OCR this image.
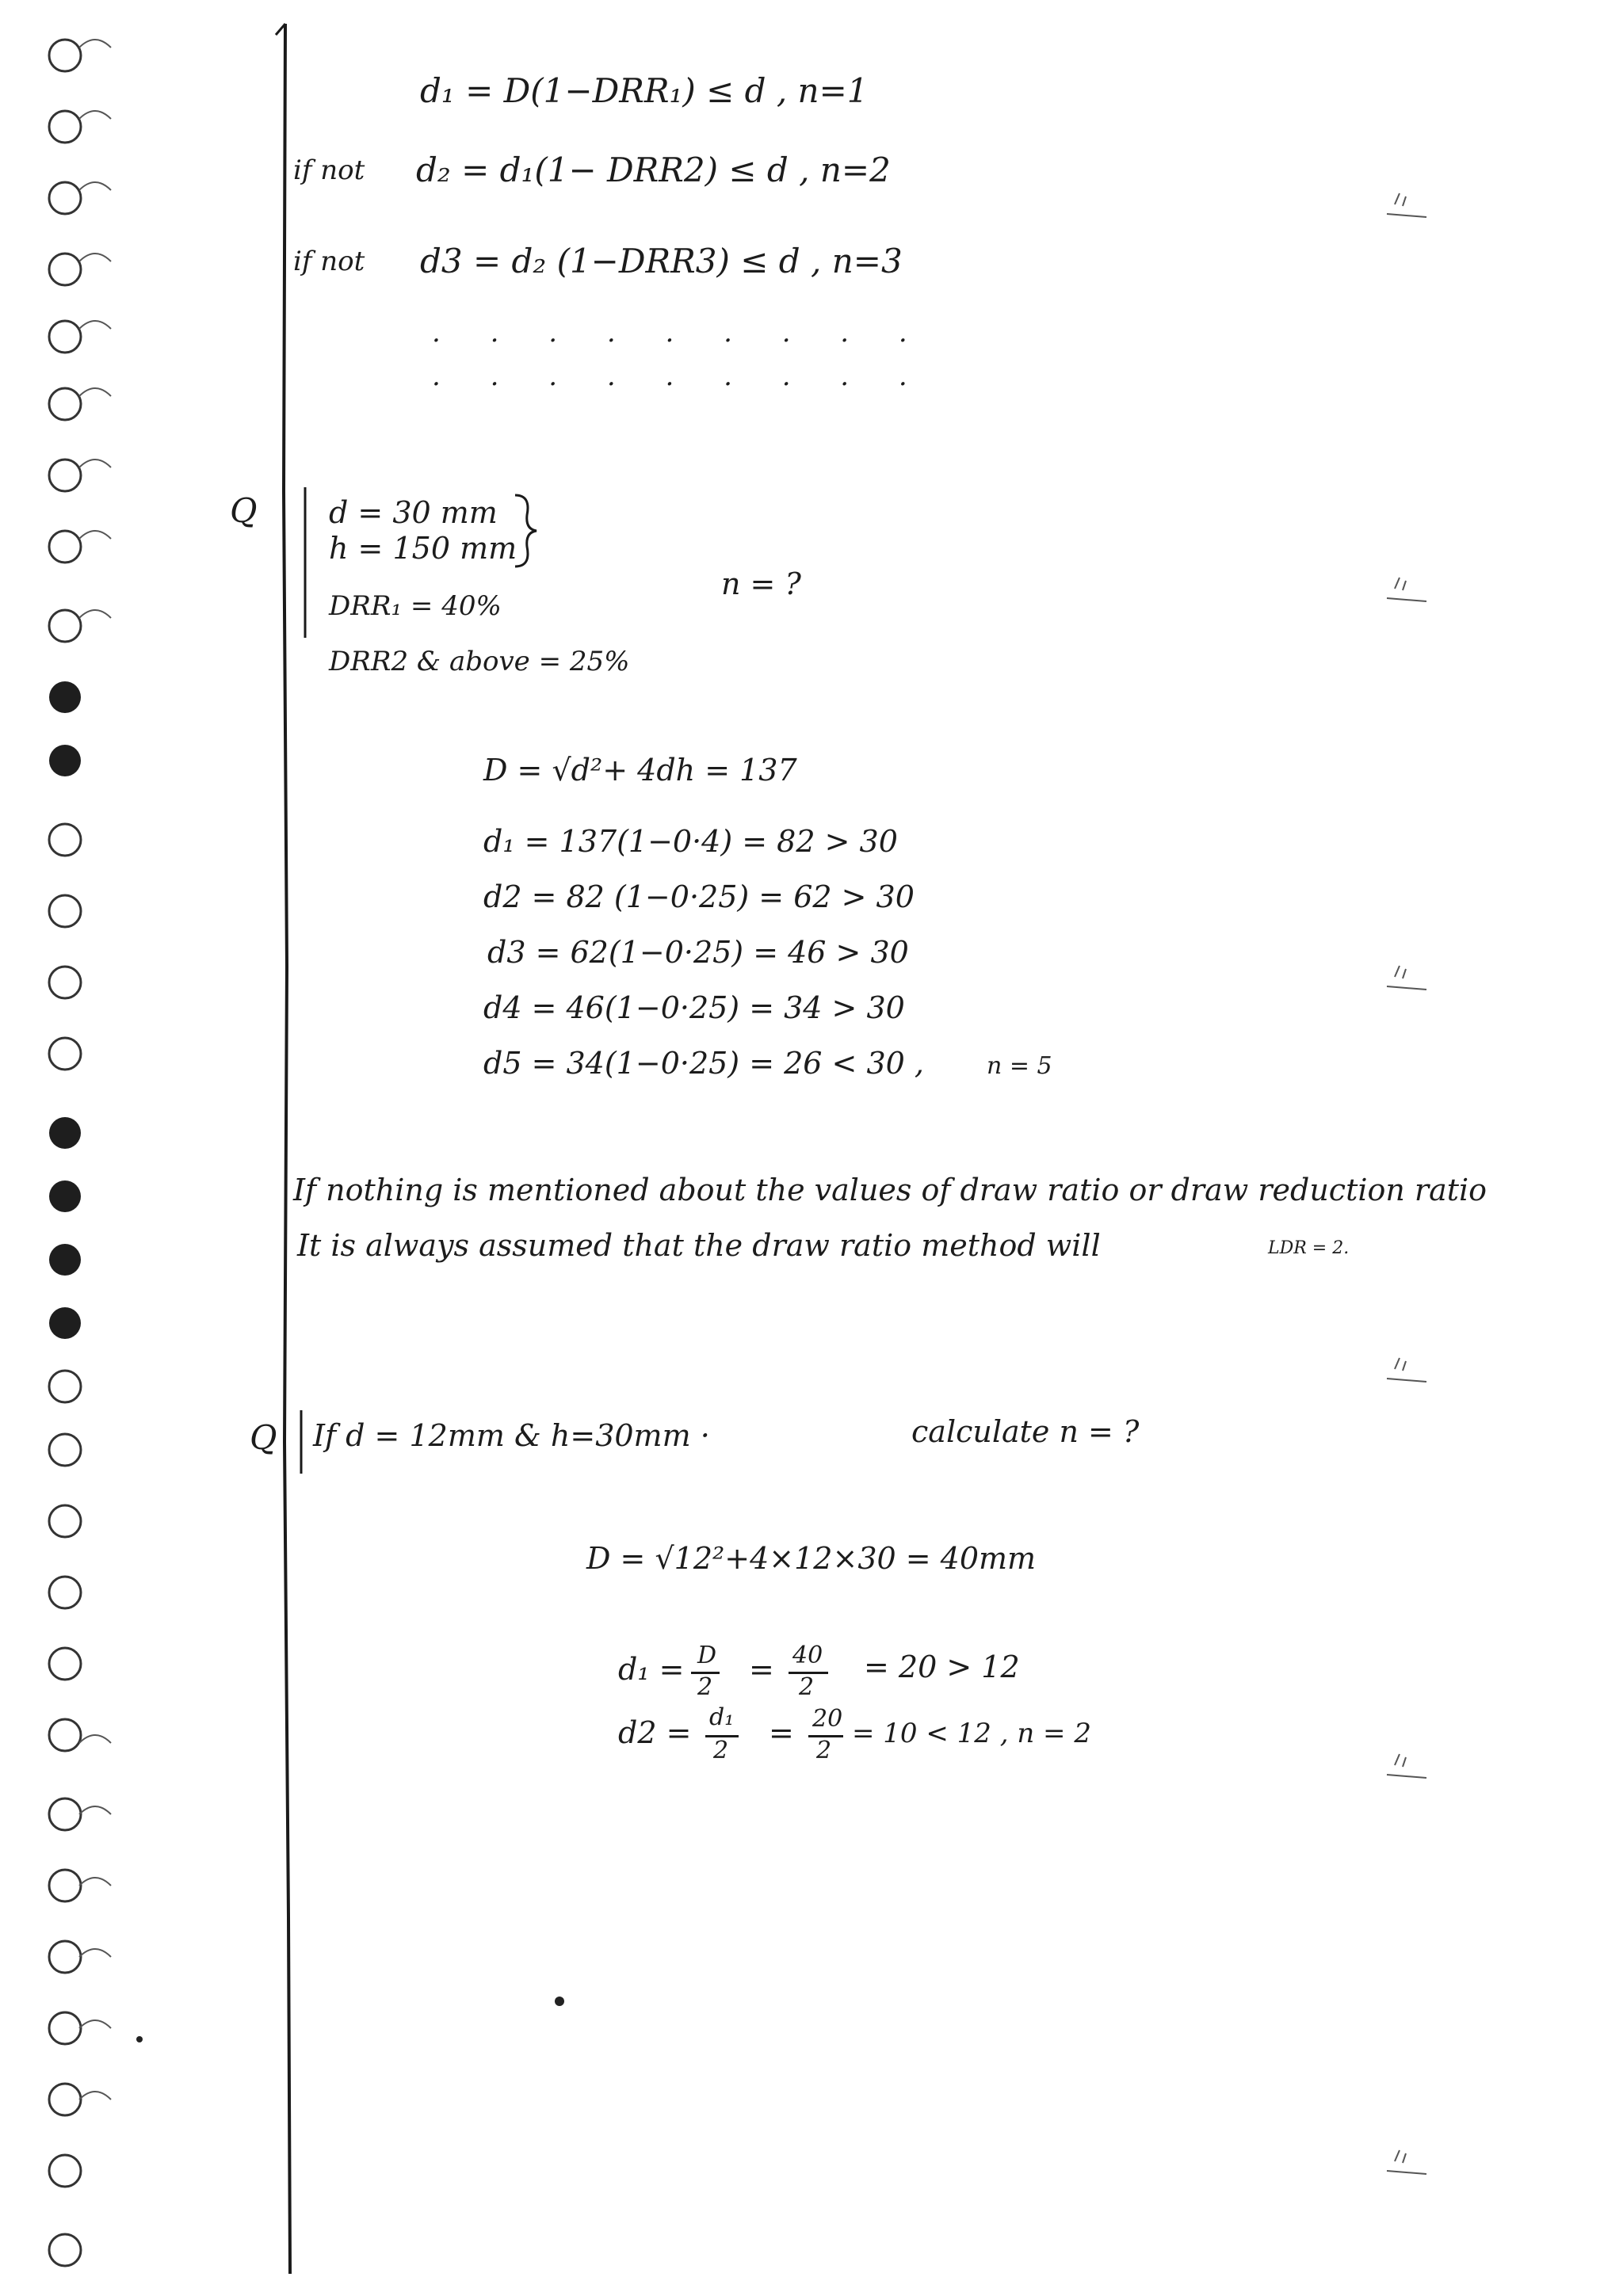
d₁ = D(1−DRR₁) ≤ d , n=1
if not d₂ = d₁(1− DRR2) ≤ d , n=2
if not d3 = d₂ (1−DRR3) ≤ d , n=3
. . . . . . . . .
. . . . . . . . .
Q d = 30 mm
h = 150 mm
DRR₁ = 40%
DRR2 & above = 25%
n = ?
D = √d²+ 4dh = 137
d₁ = 137(1−0·4) = 82 > 30
d2 = 82 (1−0·25) = 62 > 30
d3 = 62(1−0·25) = 46 > 30
d4 = 46(1−0·25) = 34 > 30
d5 = 34(1−0·25) = 26 < 30 ,	n = 5
If nothing is mentioned about the values of draw ratio or draw reduction ratio
It is always assumed that the draw ratio method will	LDR = 2.
Q If d = 12mm & h=30mm ·	calculate n = ?
D = √12²+4×12×30 = 40mm
d₁ = D
2
= 40
2
= 20 > 12
d2 = d₁
2
= 20
2
= 10 < 12 , n = 2
